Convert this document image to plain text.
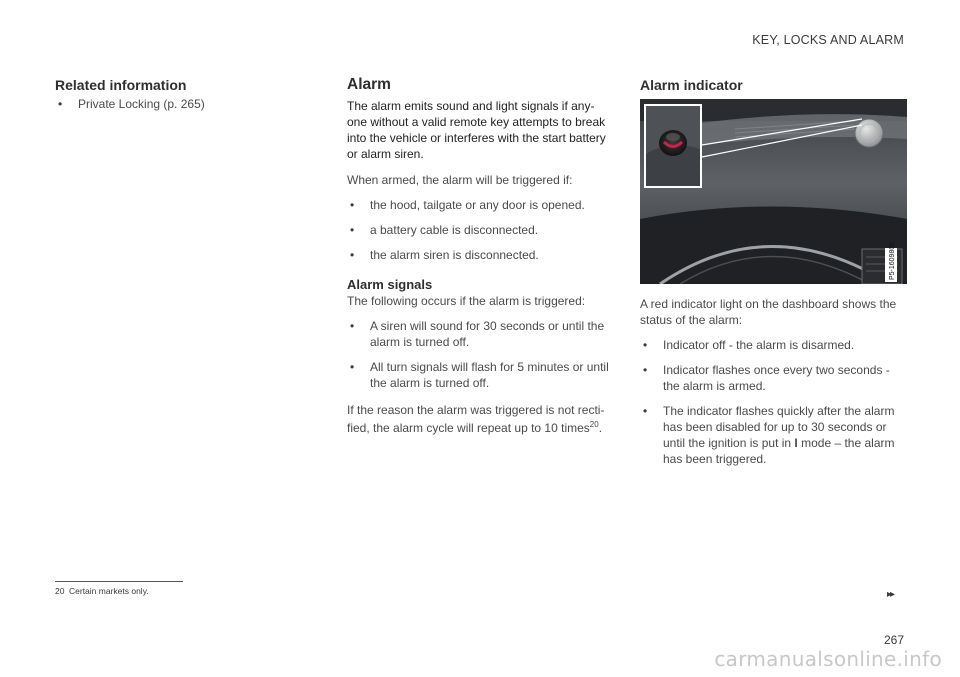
KEY, LOCKS AND ALARM
Related information
• Private Locking (p. 265)
Alarm

The alarm emits sound and light signals if any-one without a valid remote key attempts to break into the vehicle or interferes with the start battery or alarm siren.

When armed, the alarm will be triggered if:

• the hood, tailgate or any door is opened.
• a battery cable is disconnected.
• the alarm siren is disconnected.
Alarm signals

The following occurs if the alarm is triggered:

• A siren will sound for 30 seconds or until the alarm is turned off.
• All turn signals will flash for 5 minutes or until the alarm is turned off.

If the reason the alarm was triggered is not recti-fied, the alarm cycle will repeat up to 10 times$^{20}$.

Alarm indicator
P5-1609806

A red indicator light on the dashboard shows the status of the alarm:

• Indicator off - the alarm is disarmed.
• Indicator flashes once every two seconds - the alarm is armed.
• The indicator flashes quickly after the alarm has been disabled for up to 30 seconds or until the ignition is put in I mode – the alarm has been triggered.
20 Certain markets only.	▸▸
267
carmanualsonline.info
